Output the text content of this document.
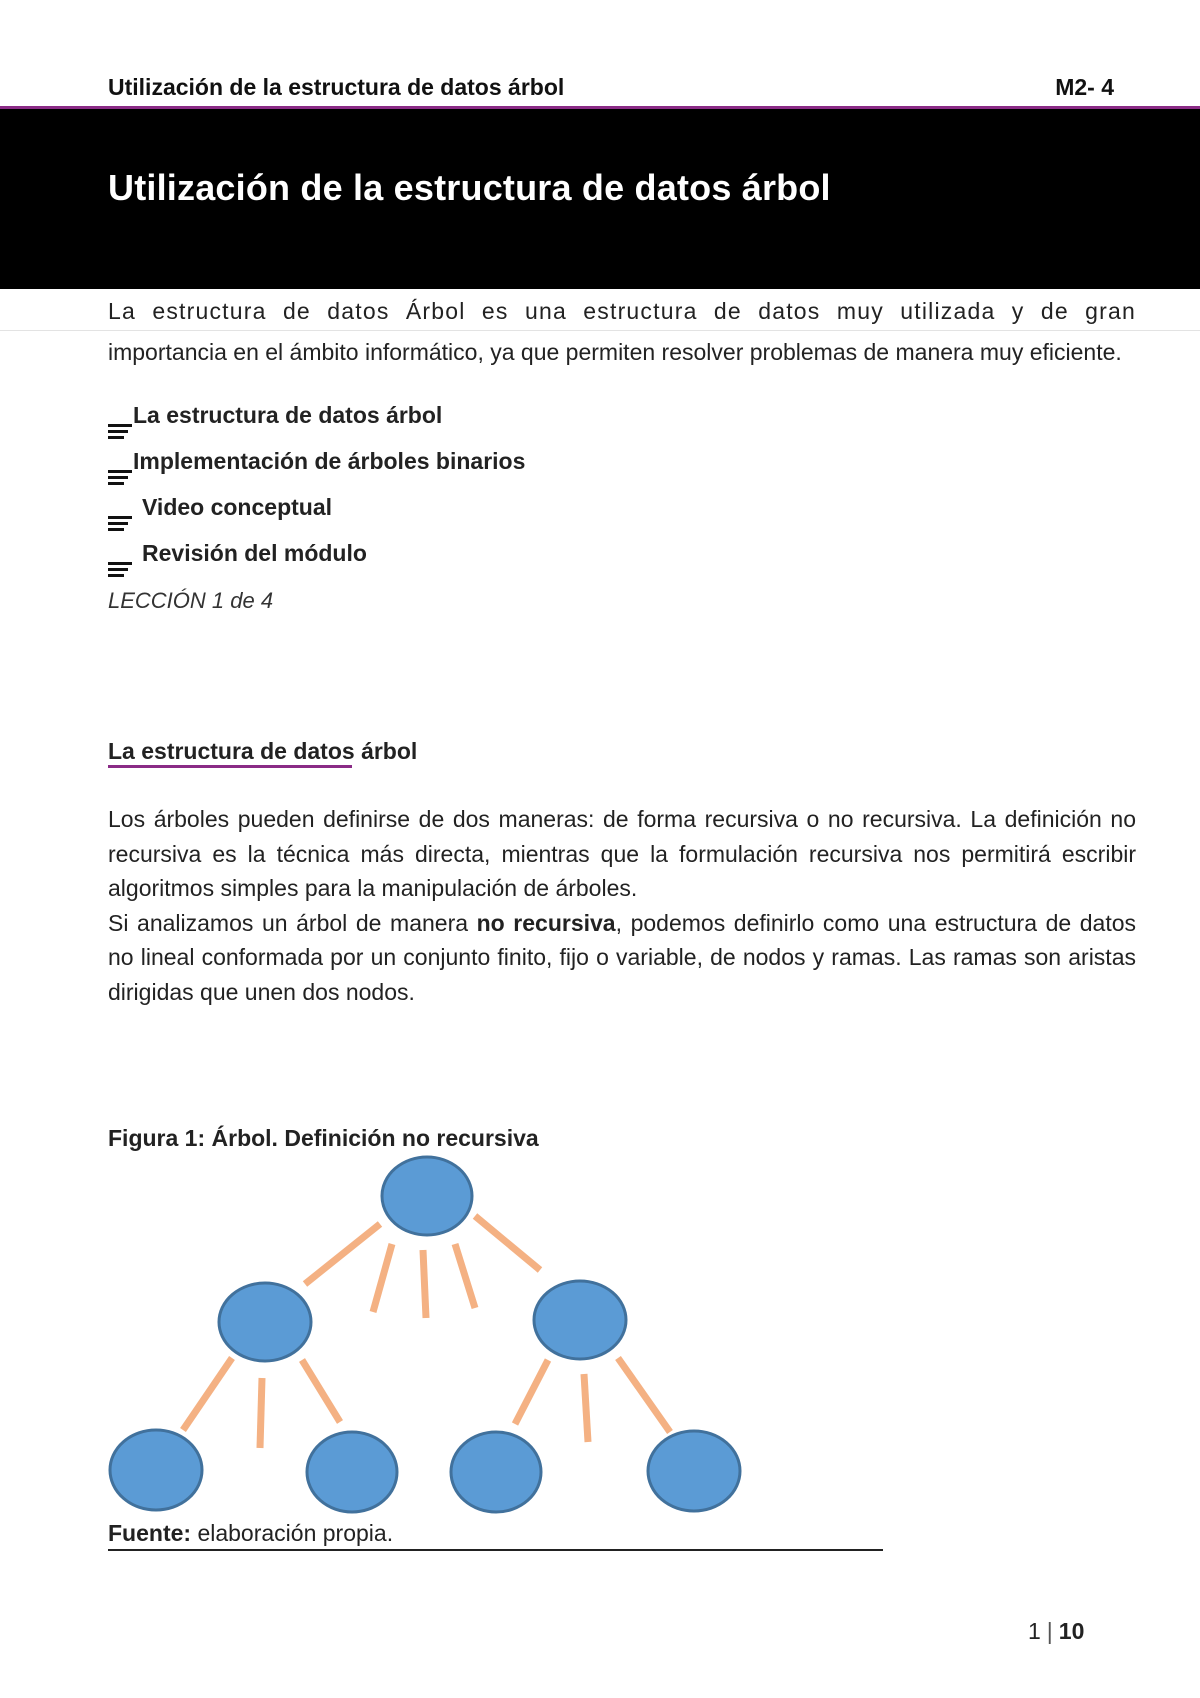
Utilización de la estructura de datos árbol	M2- 4
Utilización de la estructura de datos árbol

La estructura de datos Árbol es una estructura de datos muy utilizada y de gran
importancia en el ámbito informático, ya que permiten resolver problemas de manera muy eficiente.

La estructura de datos árbol
Implementación de árboles binarios
Video conceptual
Revisión del módulo
LECCIÓN 1 de 4
La estructura de datos árbol

Los árboles pueden definirse de dos maneras: de forma recursiva o no recursiva. La definición no recursiva es la técnica más directa, mientras que la formulación recursiva nos permitirá escribir algoritmos simples para la manipulación de árboles.

Si analizamos un árbol de manera no recursiva, podemos definirlo como una estructura de datos no lineal conformada por un conjunto finito, fijo o variable, de nodos y ramas. Las ramas son aristas dirigidas que unen dos nodos.

Figura 1: Árbol. Definición no recursiva

Fuente: elaboración propia.

1 | 10
